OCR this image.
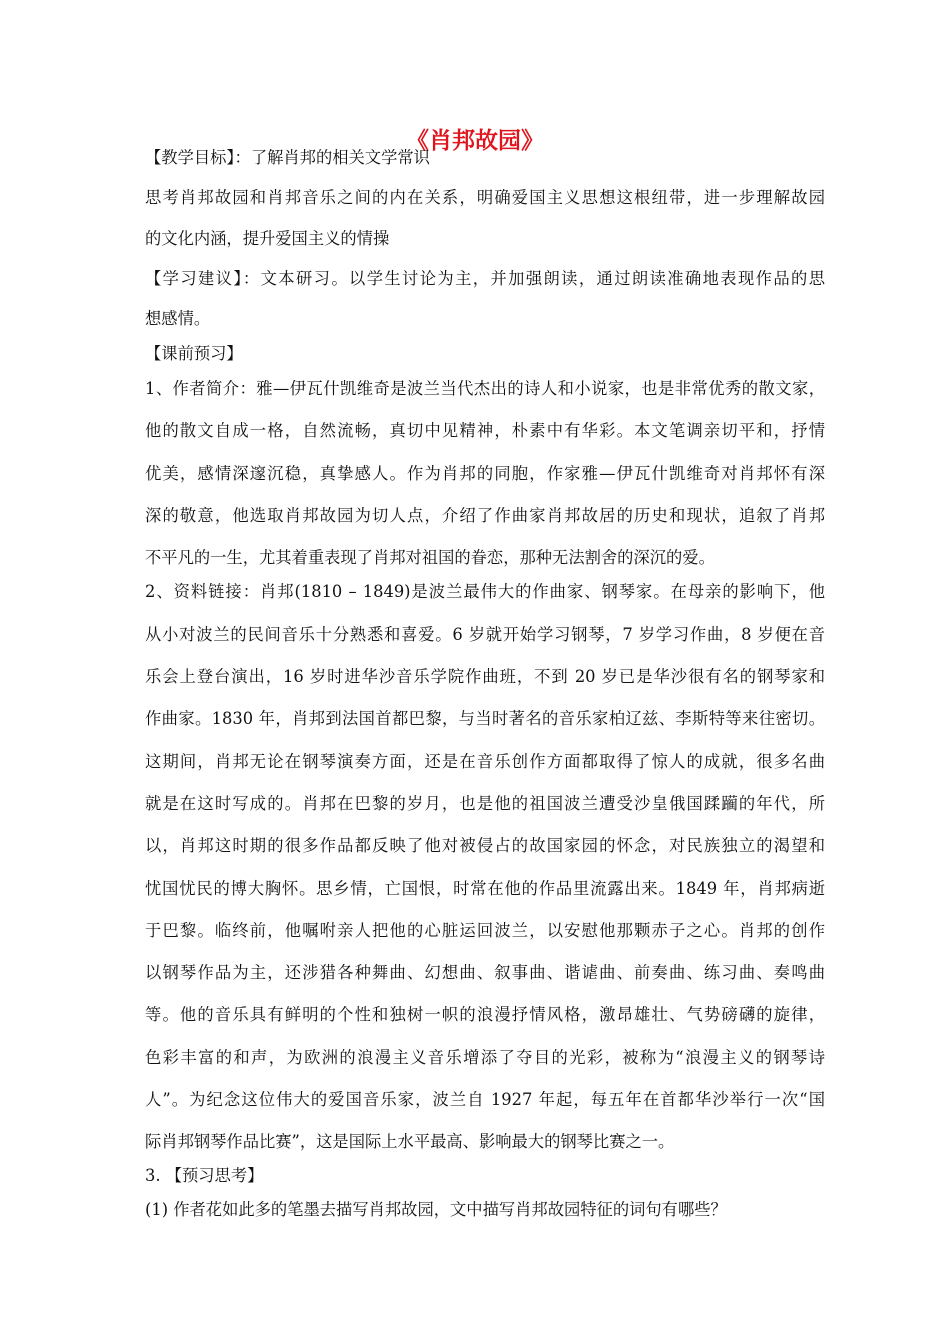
《肖邦故园》
【教学目标】：了解肖邦的相关文学常识
思考肖邦故园和肖邦音乐之间的内在关系，明确爱国主义思想这根纽带，进一步理解故园
的文化内涵，提升爱国主义的情操
【学习建议】：文本研习。以学生讨论为主，并加强朗读，通过朗读准确地表现作品的思
想感情。
【课前预习】
1、作者简介：雅—伊瓦什凯维奇是波兰当代杰出的诗人和小说家，也是非常优秀的散文家，
他的散文自成一格，自然流畅，真切中见精神，朴素中有华彩。本文笔调亲切平和，抒情
优美，感情深邃沉稳，真挚感人。作为肖邦的同胞，作家雅—伊瓦什凯维奇对肖邦怀有深
深的敬意，他选取肖邦故园为切人点，介绍了作曲家肖邦故居的历史和现状，追叙了肖邦
不平凡的一生，尤其着重表现了肖邦对祖国的眷恋，那种无法割舍的深沉的爱。
2、资料链接：肖邦(1810 – 1849)是波兰最伟大的作曲家、钢琴家。在母亲的影响下，他
从小对波兰的民间音乐十分熟悉和喜爱。6 岁就开始学习钢琴，7 岁学习作曲，8 岁便在音
乐会上登台演出，16 岁时进华沙音乐学院作曲班，不到 20 岁已是华沙很有名的钢琴家和
作曲家。1830 年，肖邦到法国首都巴黎，与当时著名的音乐家柏辽兹、李斯特等来往密切。
这期间，肖邦无论在钢琴演奏方面，还是在音乐创作方面都取得了惊人的成就，很多名曲
就是在这时写成的。肖邦在巴黎的岁月，也是他的祖国波兰遭受沙皇俄国蹂躏的年代，所
以，肖邦这时期的很多作品都反映了他对被侵占的故国家园的怀念，对民族独立的渴望和
忧国忧民的博大胸怀。思乡情，亡国恨，时常在他的作品里流露出来。1849 年，肖邦病逝
于巴黎。临终前，他嘱咐亲人把他的心脏运回波兰，以安慰他那颗赤子之心。肖邦的创作
以钢琴作品为主，还涉猎各种舞曲、幻想曲、叙事曲、谐谑曲、前奏曲、练习曲、奏鸣曲
等。他的音乐具有鲜明的个性和独树一帜的浪漫抒情风格，激昂雄壮、气势磅礴的旋律，
色彩丰富的和声，为欧洲的浪漫主义音乐增添了夺目的光彩，被称为“浪漫主义的钢琴诗
人”。为纪念这位伟大的爱国音乐家，波兰自 1927 年起，每五年在首都华沙举行一次“国
际肖邦钢琴作品比赛”，这是国际上水平最高、影响最大的钢琴比赛之一。
3. 【预习思考】
(1) 作者花如此多的笔墨去描写肖邦故园，文中描写肖邦故园特征的词句有哪些？
